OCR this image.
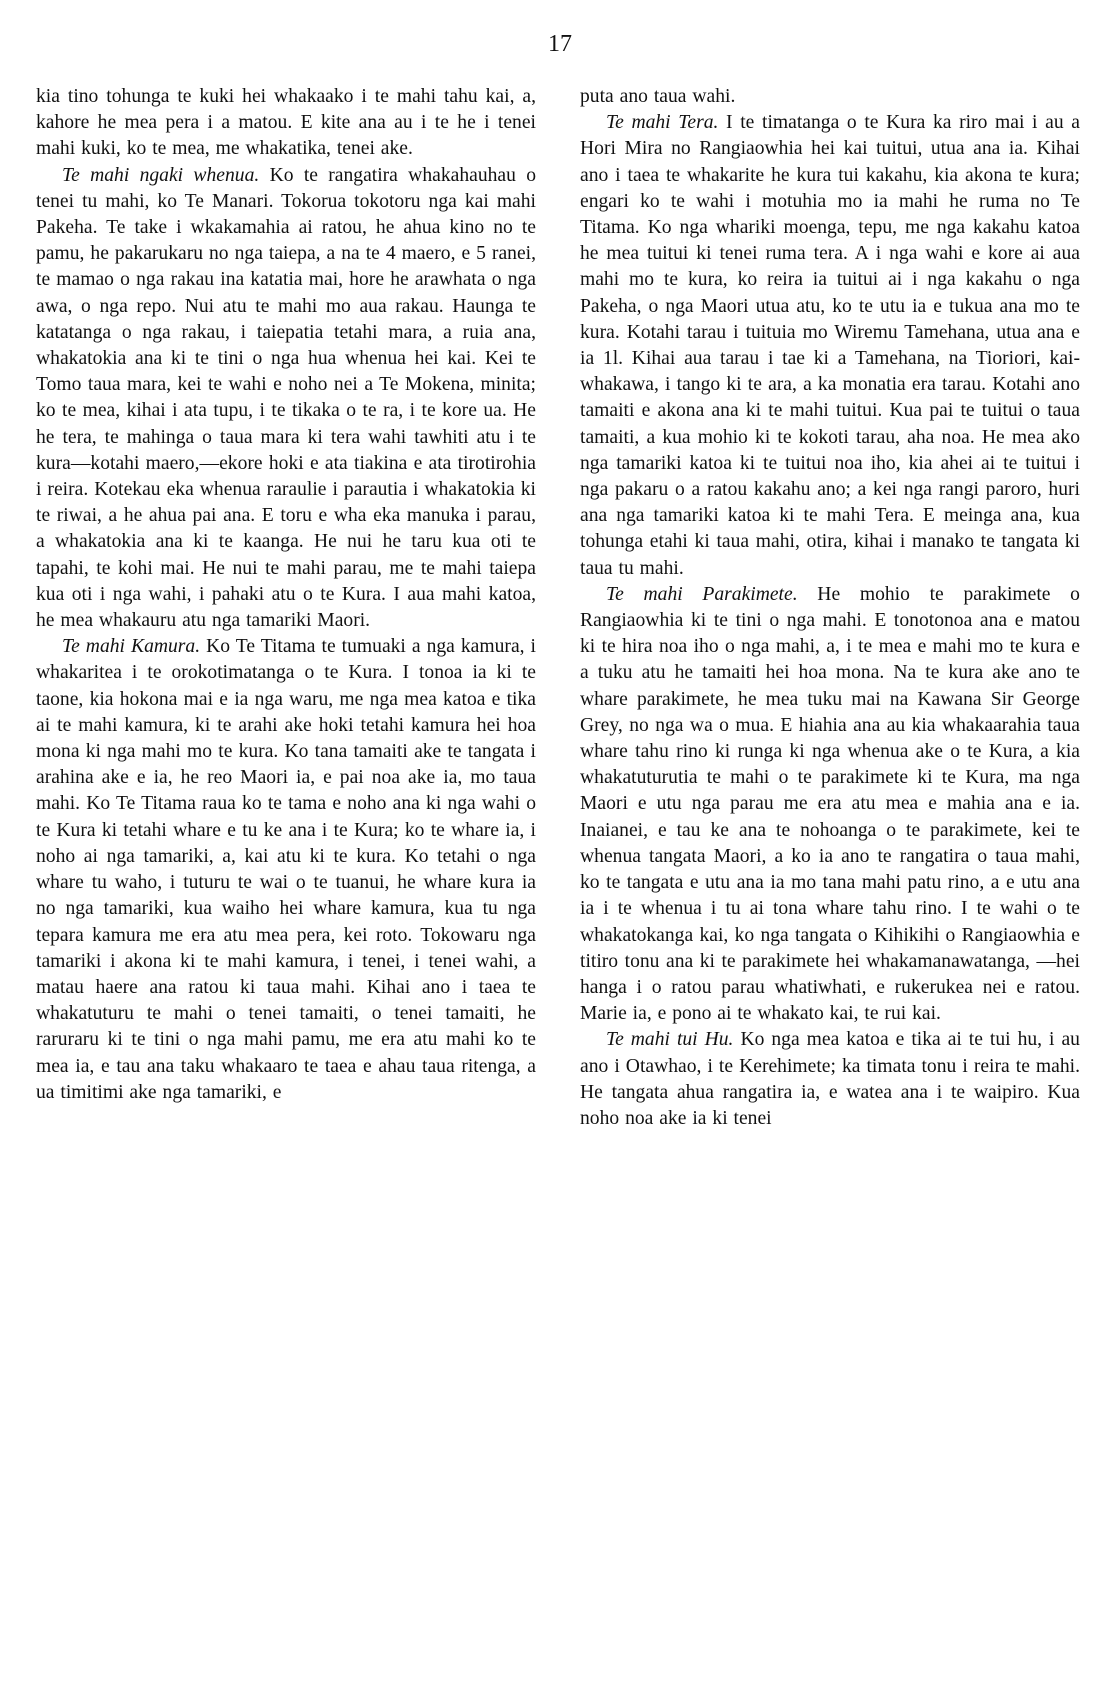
17

kia tino tohunga te kuki hei whakaako i te mahi tahu kai, a, kahore he mea pera i a matou. E kite ana au i te he i tenei mahi kuki, ko te mea, me whakatika, tenei ake.

Te mahi ngaki whenua. Ko te rangatira whakahauhau o tenei tu mahi, ko Te Manari. Tokorua tokotoru nga kai mahi Pakeha. Te take i wkakamahia ai ratou, he ahua kino no te pamu, he pakarukaru no nga taiepa, a na te 4 maero, e 5 ranei, te mamao o nga rakau ina katatia mai, hore he arawhata o nga awa, o nga repo. Nui atu te mahi mo aua rakau. Haunga te katatanga o nga rakau, i taiepatia tetahi mara, a ruia ana, whakatokia ana ki te tini o nga hua whenua hei kai. Kei te Tomo taua mara, kei te wahi e noho nei a Te Mokena, minita; ko te mea, kihai i ata tupu, i te tikaka o te ra, i te kore ua. He he tera, te mahinga o taua mara ki tera wahi tawhiti atu i te kura—kotahi maero,—ekore hoki e ata tiakina e ata tirotirohia i reira. Kotekau eka whenua raraulie i parautia i whakatokia ki te riwai, a he ahua pai ana. E toru e wha eka manuka i parau, a whakatokia ana ki te kaanga. He nui he taru kua oti te tapahi, te kohi mai. He nui te mahi parau, me te mahi taiepa kua oti i nga wahi, i pahaki atu o te Kura. I aua mahi katoa, he mea whakauru atu nga tamariki Maori.

Te mahi Kamura. Ko Te Titama te tumuaki a nga kamura, i whakaritea i te orokotimatanga o te Kura. I tonoa ia ki te taone, kia hokona mai e ia nga waru, me nga mea katoa e tika ai te mahi kamura, ki te arahi ake hoki tetahi kamura hei hoa mona ki nga mahi mo te kura. Ko tana tamaiti ake te tangata i arahina ake e ia, he reo Maori ia, e pai noa ake ia, mo taua mahi. Ko Te Titama raua ko te tama e noho ana ki nga wahi o te Kura ki tetahi whare e tu ke ana i te Kura; ko te whare ia, i noho ai nga tamariki, a, kai atu ki te kura. Ko tetahi o nga whare tu waho, i tuturu te wai o te tuanui, he whare kura ia no nga tamariki, kua waiho hei whare kamura, kua tu nga tepara kamura me era atu mea pera, kei roto. Tokowaru nga tamariki i akona ki te mahi kamura, i tenei, i tenei wahi, a matau haere ana ratou ki taua mahi. Kihai ano i taea te whakatuturu te mahi o tenei tamaiti, o tenei tamaiti, he raruraru ki te tini o nga mahi pamu, me era atu mahi ko te mea ia, e tau ana taku whakaaro te taea e ahau taua ritenga, a ua timitimi ake nga tamariki, e

puta ano taua wahi.

Te mahi Tera. I te timatanga o te Kura ka riro mai i au a Hori Mira no Rangiaowhia hei kai tuitui, utua ana ia. Kihai ano i taea te whakarite he kura tui kakahu, kia akona te kura; engari ko te wahi i motuhia mo ia mahi he ruma no Te Titama. Ko nga whariki moenga, tepu, me nga kakahu katoa he mea tuitui ki tenei ruma tera. A i nga wahi e kore ai aua mahi mo te kura, ko reira ia tuitui ai i nga kakahu o nga Pakeha, o nga Maori utua atu, ko te utu ia e tukua ana mo te kura. Kotahi tarau i tuituia mo Wiremu Tamehana, utua ana e ia 1l. Kihai aua tarau i tae ki a Tamehana, na Tioriori, kai-whakawa, i tango ki te ara, a ka monatia era tarau. Kotahi ano tamaiti e akona ana ki te mahi tuitui. Kua pai te tuitui o taua tamaiti, a kua mohio ki te kokoti tarau, aha noa. He mea ako nga tamariki katoa ki te tuitui noa iho, kia ahei ai te tuitui i nga pakaru o a ratou kakahu ano; a kei nga rangi paroro, huri ana nga tamariki katoa ki te mahi Tera. E meinga ana, kua tohunga etahi ki taua mahi, otira, kihai i manako te tangata ki taua tu mahi.

Te mahi Parakimete. He mohio te parakimete o Rangiaowhia ki te tini o nga mahi. E tonotonoa ana e matou ki te hira noa iho o nga mahi, a, i te mea e mahi mo te kura e a tuku atu he tamaiti hei hoa mona. Na te kura ake ano te whare parakimete, he mea tuku mai na Kawana Sir George Grey, no nga wa o mua. E hiahia ana au kia whakaarahia taua whare tahu rino ki runga ki nga whenua ake o te Kura, a kia whakatuturutia te mahi o te parakimete ki te Kura, ma nga Maori e utu nga parau me era atu mea e mahia ana e ia. Inaianei, e tau ke ana te nohoanga o te parakimete, kei te whenua tangata Maori, a ko ia ano te rangatira o taua mahi, ko te tangata e utu ana ia mo tana mahi patu rino, a e utu ana ia i te whenua i tu ai tona whare tahu rino. I te wahi o te whakatokanga kai, ko nga tangata o Kihikihi o Rangiaowhia e titiro tonu ana ki te parakimete hei whakamanawatanga, —hei hanga i o ratou parau whatiwhati, e rukerukea nei e ratou. Marie ia, e pono ai te whakato kai, te rui kai.

Te mahi tui Hu. Ko nga mea katoa e tika ai te tui hu, i au ano i Otawhao, i te Kerehimete; ka timata tonu i reira te mahi. He tangata ahua rangatira ia, e watea ana i te waipiro. Kua noho noa ake ia ki tenei
